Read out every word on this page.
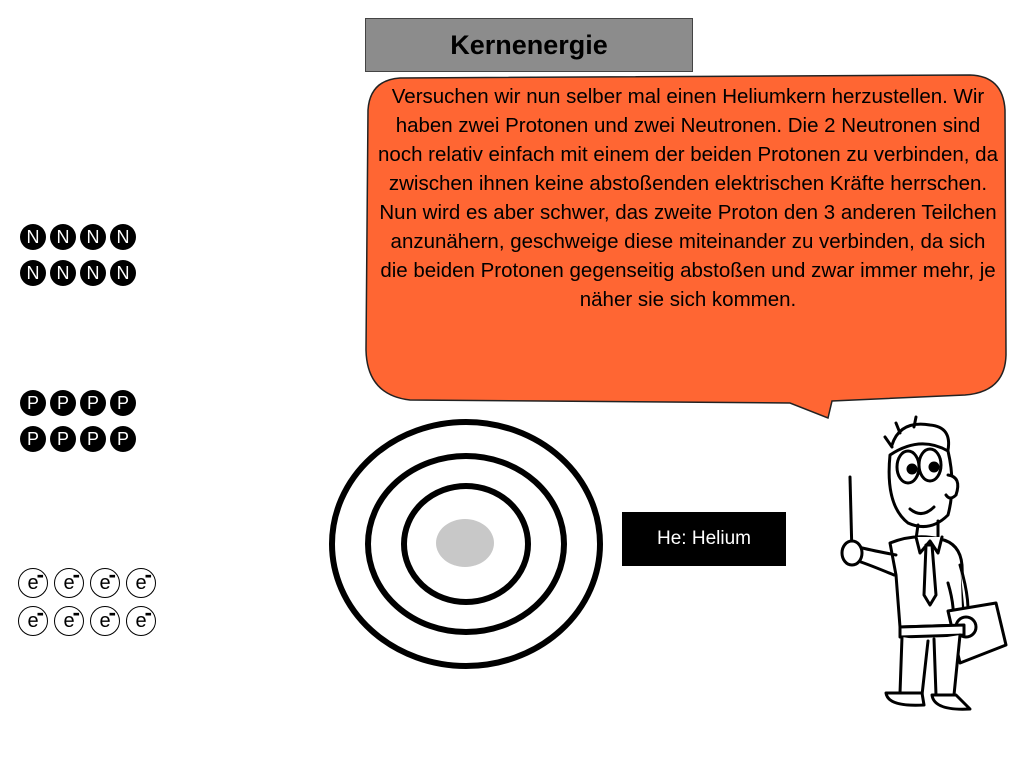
Kernenergie
Versuchen wir nun selber mal einen Heliumkern herzustellen. Wir haben zwei Protonen und zwei Neutronen. Die 2 Neutronen sind noch relativ einfach mit einem der beiden Protonen zu verbinden, da zwischen ihnen keine abstoßenden elektrischen Kräfte herrschen. Nun wird es aber schwer, das zweite Proton den 3 anderen Teilchen anzunähern, geschweige diese miteinander zu verbinden, da sich die beiden Protonen gegenseitig abstoßen und zwar immer mehr, je näher sie sich kommen.
N N N N
N N N N
P P P P
P P P P
e
- e
- e
- e
-
e
- e
- e
- e
-
He: Helium
